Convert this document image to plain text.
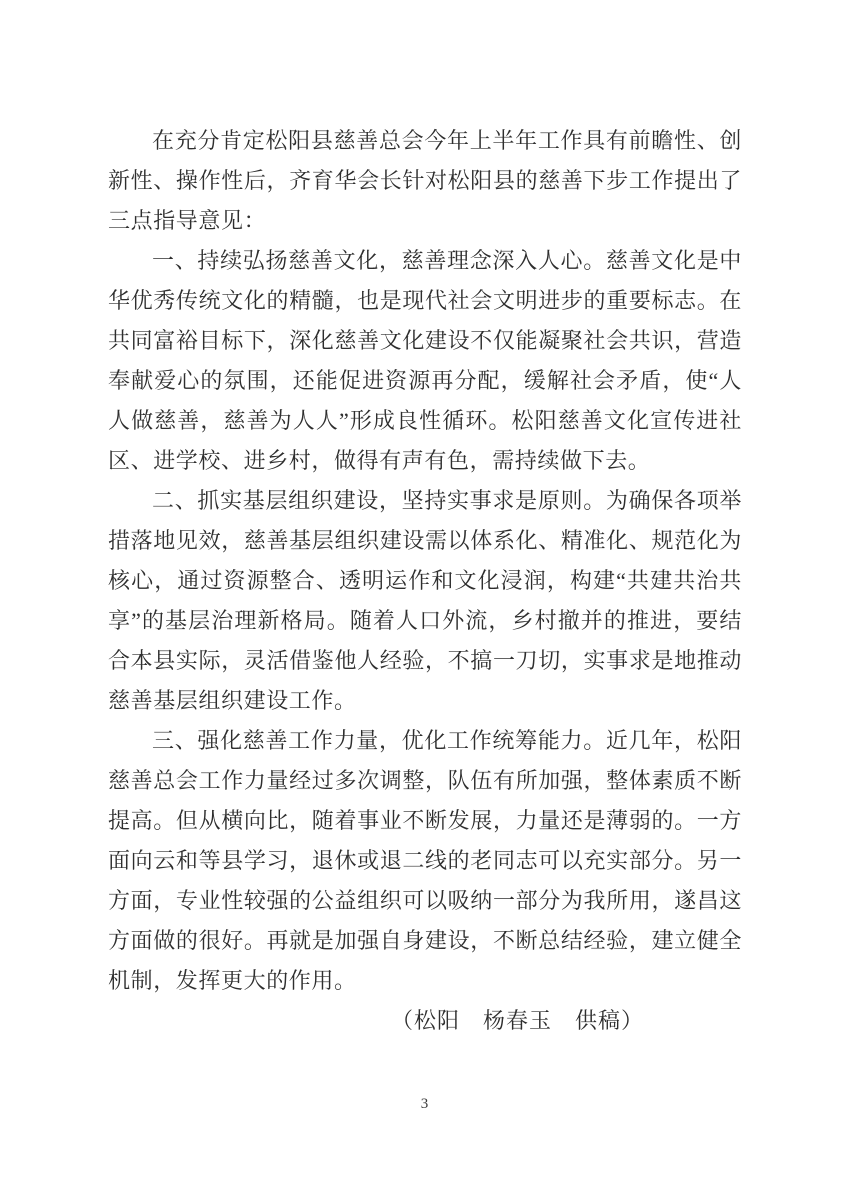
在充分肯定松阳县慈善总会今年上半年工作具有前瞻性、创新性、操作性后，齐育华会长针对松阳县的慈善下步工作提出了三点指导意见：

一、持续弘扬慈善文化，慈善理念深入人心。慈善文化是中华优秀传统文化的精髓，也是现代社会文明进步的重要标志。在共同富裕目标下，深化慈善文化建设不仅能凝聚社会共识，营造奉献爱心的氛围，还能促进资源再分配，缓解社会矛盾，使“人人做慈善，慈善为人人”形成良性循环。松阳慈善文化宣传进社区、进学校、进乡村，做得有声有色，需持续做下去。

二、抓实基层组织建设，坚持实事求是原则。为确保各项举措落地见效，慈善基层组织建设需以体系化、精准化、规范化为核心，通过资源整合、透明运作和文化浸润，构建“共建共治共享”的基层治理新格局。随着人口外流，乡村撤并的推进，要结合本县实际，灵活借鉴他人经验，不搞一刀切，实事求是地推动慈善基层组织建设工作。

三、强化慈善工作力量，优化工作统筹能力。近几年，松阳慈善总会工作力量经过多次调整，队伍有所加强，整体素质不断提高。但从横向比，随着事业不断发展，力量还是薄弱的。一方面向云和等县学习，退休或退二线的老同志可以充实部分。另一方面，专业性较强的公益组织可以吸纳一部分为我所用，遂昌这方面做的很好。再就是加强自身建设，不断总结经验，建立健全机制，发挥更大的作用。

（松阳　杨春玉　供稿）

3
